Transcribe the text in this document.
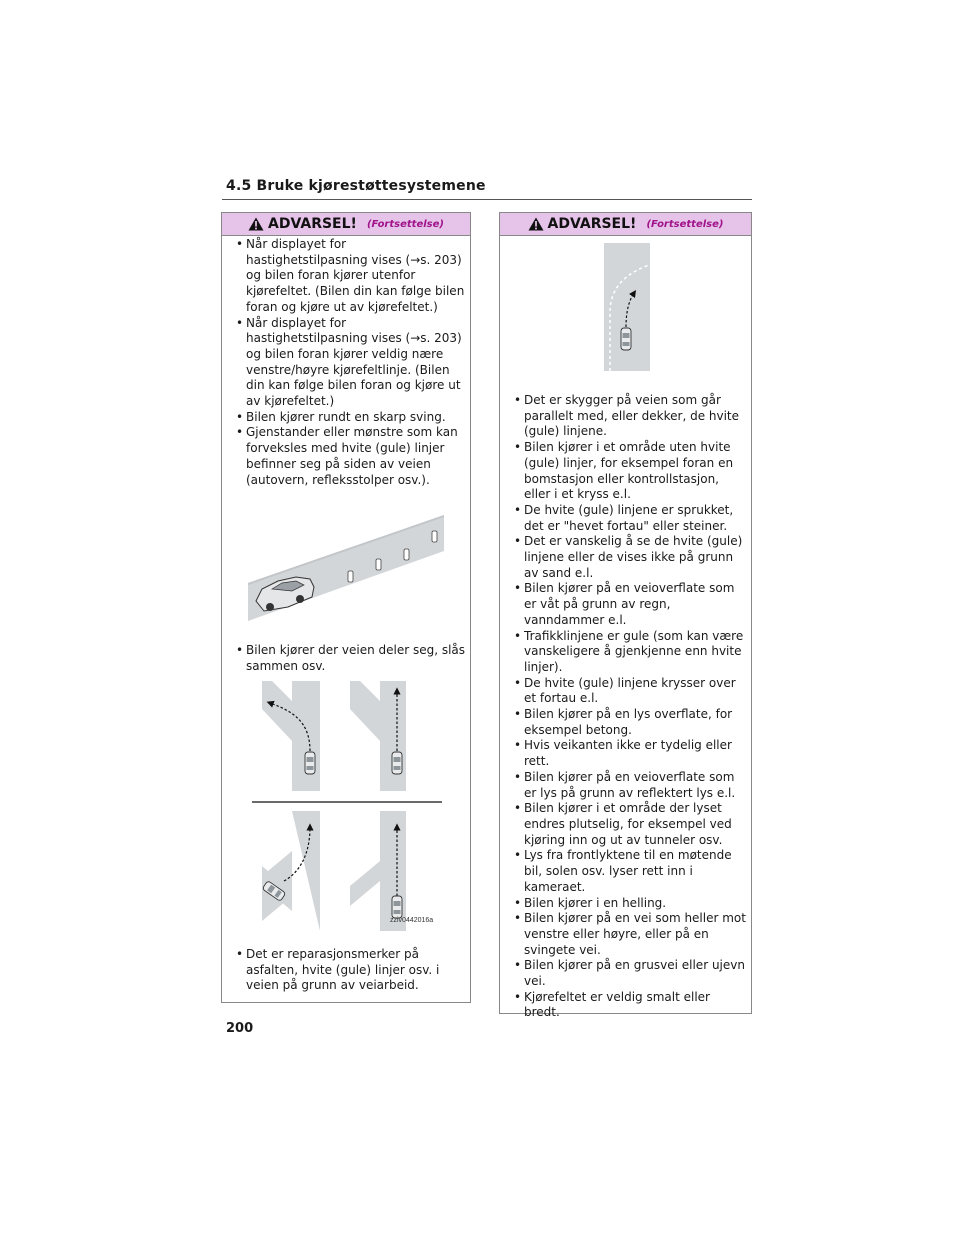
4.5 Bruke kjørestøttesystemene
ADVARSEL! (Fortsettelse)
• Når displayet for hastighetstilpasning vises (→s. 203) og bilen foran kjører utenfor kjørefeltet. (Bilen din kan følge bilen foran og kjøre ut av kjørefeltet.)
• Når displayet for hastighetstilpasning vises (→s. 203) og bilen foran kjører veldig nære venstre/høyre kjørefeltlinje. (Bilen din kan følge bilen foran og kjøre ut av kjørefeltet.)
• Bilen kjører rundt en skarp sving.
• Gjenstander eller mønstre som kan forveksles med hvite (gule) linjer befinner seg på siden av veien (autovern, refleksstolper osv.).
• Bilen kjører der veien deler seg, slås sammen osv.
zziv0442016a
• Det er reparasjonsmerker på asfalten, hvite (gule) linjer osv. i veien på grunn av veiarbeid.
ADVARSEL! (Fortsettelse)
• Det er skygger på veien som går parallelt med, eller dekker, de hvite (gule) linjene.
• Bilen kjører i et område uten hvite (gule) linjer, for eksempel foran en bomstasjon eller kontrollstasjon, eller i et kryss e.l.
• De hvite (gule) linjene er sprukket, det er "hevet fortau" eller steiner.
• Det er vanskelig å se de hvite (gule) linjene eller de vises ikke på grunn av sand e.l.
• Bilen kjører på en veioverflate som er våt på grunn av regn, vanndammer e.l.
• Trafikklinjene er gule (som kan være vanskeligere å gjenkjenne enn hvite linjer).
• De hvite (gule) linjene krysser over et fortau e.l.
• Bilen kjører på en lys overflate, for eksempel betong.
• Hvis veikanten ikke er tydelig eller rett.
• Bilen kjører på en veioverflate som er lys på grunn av reflektert lys e.l.
• Bilen kjører i et område der lyset endres plutselig, for eksempel ved kjøring inn og ut av tunneler osv.
• Lys fra frontlyktene til en møtende bil, solen osv. lyser rett inn i kameraet.
• Bilen kjører i en helling.
• Bilen kjører på en vei som heller mot venstre eller høyre, eller på en svingete vei.
• Bilen kjører på en grusvei eller ujevn vei.
• Kjørefeltet er veldig smalt eller bredt.
200
